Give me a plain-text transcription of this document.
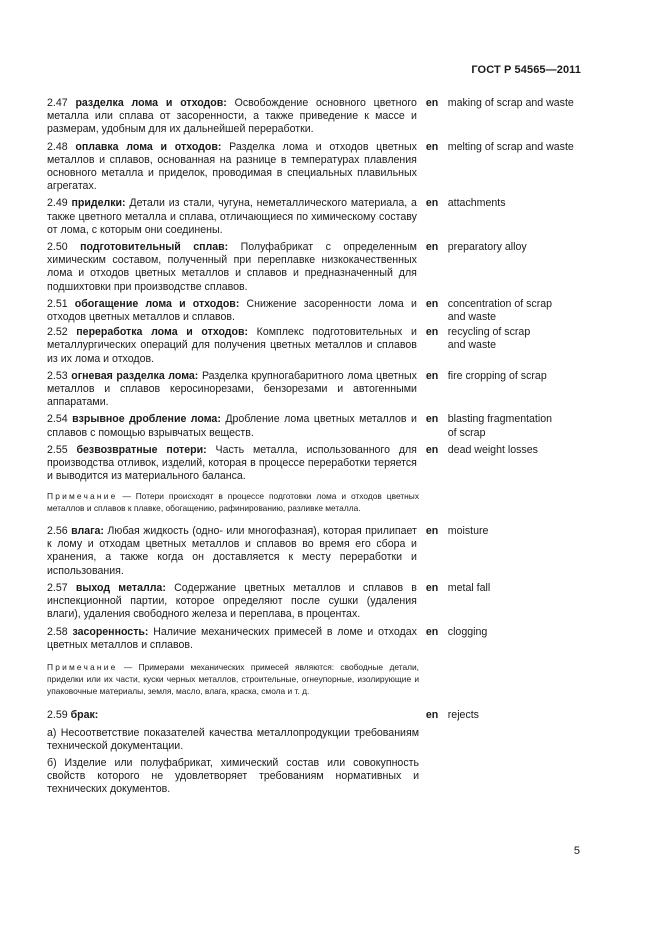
ГОСТ Р 54565—2011
2.47 разделка лома и отходов: Освобождение основного цветного металла или сплава от засоренности, а также приведение к массе и размерам, удобным для их дальнейшей переработки.
en making of scrap and waste
2.48 оплавка лома и отходов: Разделка лома и отходов цветных металлов и сплавов, основанная на разнице в температурах плавления основного металла и приделок, проводимая в специальных плавильных агрегатах.
en melting of scrap and waste
2.49 приделки: Детали из стали, чугуна, неметаллического материала, а также цветного металла и сплава, отличающиеся по химическому составу от лома, с которым они соединены.
en attachments
2.50 подготовительный сплав: Полуфабрикат с определенным химическим составом, полученный при переплавке низкокачественных лома и отходов цветных металлов и сплавов и предназначенный для подшихтовки при производстве сплавов.
en preparatory alloy
2.51 обогащение лома и отходов: Снижение засоренности лома и отходов цветных металлов и сплавов.
en concentration of scrap
and waste
2.52 переработка лома и отходов: Комплекс подготовительных и металлургических операций для получения цветных металлов и сплавов из их лома и отходов.
en recycling of scrap
and waste
2.53 огневая разделка лома: Разделка крупногабаритного лома цветных металлов и сплавов керосинорезами, бензорезами и автогенными аппаратами.
en fire cropping of scrap
2.54 взрывное дробление лома: Дробление лома цветных металлов и сплавов с помощью взрывчатых веществ.
en blasting fragmentation
of scrap
2.55 безвозвратные потери: Часть металла, использованного для производства отливок, изделий, которая в процессе переработки теряется и выводится из материального баланса.
en dead weight losses
Примечание — Потери происходят в процессе подготовки лома и отходов цветных металлов и сплавов к плавке, обогащению, рафинированию, разливке металла.
2.56 влага: Любая жидкость (одно- или многофазная), которая прилипает к лому и отходам цветных металлов и сплавов во время его сбора и хранения, а также когда он доставляется к месту переработки и использования.
en moisture
2.57 выход металла: Содержание цветных металлов и сплавов в инспекционной партии, которое определяют после сушки (удаления влаги), удаления свободного железа и переплава, в процентах.
en metal fall
2.58 засоренность: Наличие механических примесей в ломе и отходах цветных металлов и сплавов.
en clogging
Примечание — Примерами механических примесей являются: свободные детали, приделки или их части, куски черных металлов, строительные, огнеупорные, изолирующие и упаковочные материалы, земля, масло, влага, краска, смола и т. д.
2.59 брак:	en rejects
а) Несоответствие показателей качества металлопродукции требованиям технической документации.
б) Изделие или полуфабрикат, химический состав или совокупность свойств которого не удовлетворяет требованиям нормативных и технических документов.
5
